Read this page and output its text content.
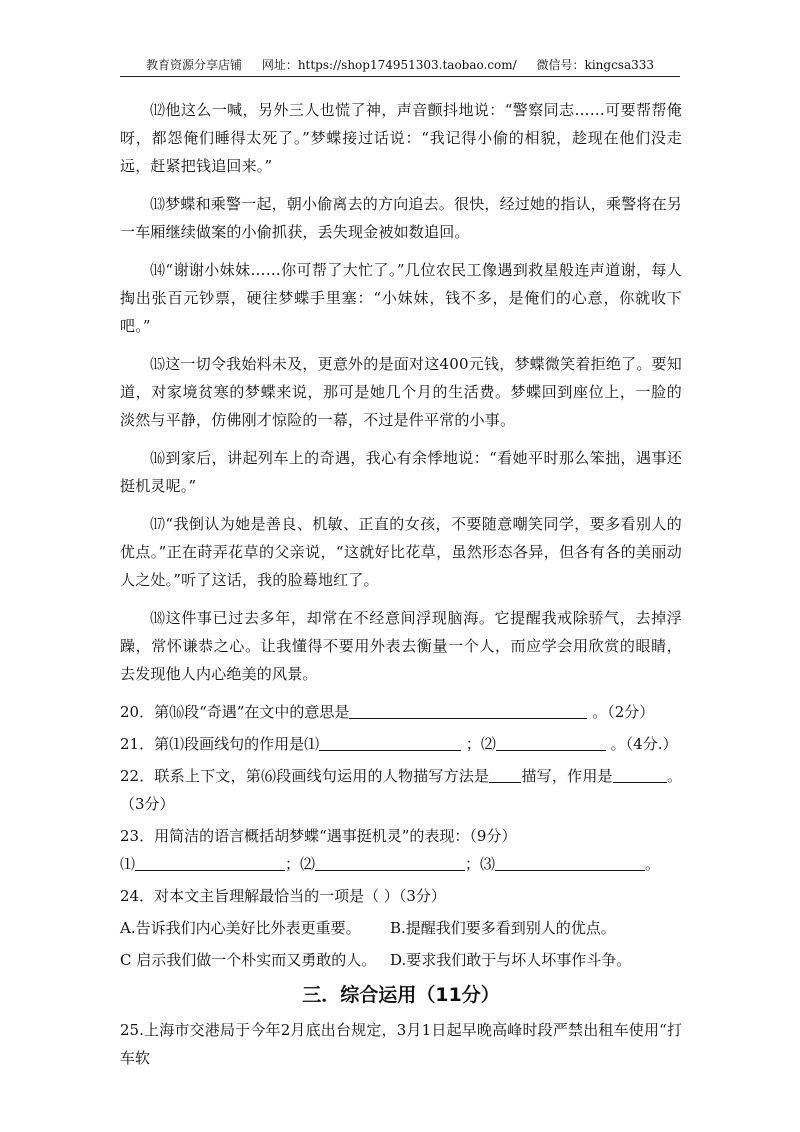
教育资源分享店铺 网址：https://shop174951303.taobao.com/ 微信号：kingcsa333

⑿他这么一喊，另外三人也慌了神，声音颤抖地说：“警察同志……可要帮帮俺呀，都怨俺们睡得太死了。”梦蝶接过话说：“我记得小偷的相貌，趁现在他们没走远，赶紧把钱追回来。”

⒀梦蝶和乘警一起，朝小偷离去的方向追去。很快，经过她的指认，乘警将在另一车厢继续做案的小偷抓获，丢失现金被如数追回。

⒁“谢谢小妹妹……你可帮了大忙了。”几位农民工像遇到救星般连声道谢，每人掏出张百元钞票，硬往梦蝶手里塞：“小妹妹，钱不多，是俺们的心意，你就收下吧。”

⒂这一切令我始料未及，更意外的是面对这400元钱，梦蝶微笑着拒绝了。要知道，对家境贫寒的梦蝶来说，那可是她几个月的生活费。梦蝶回到座位上，一脸的淡然与平静，仿佛刚才惊险的一幕，不过是件平常的小事。

⒃到家后，讲起列车上的奇遇，我心有余悸地说：“看她平时那么笨拙，遇事还挺机灵呢。”

⒄“我倒认为她是善良、机敏、正直的女孩，不要随意嘲笑同学，要多看别人的优点。”正在莳弄花草的父亲说，“这就好比花草，虽然形态各异，但各有各的美丽动人之处。”听了这话，我的脸蓦地红了。

⒅这件事已过去多年，却常在不经意间浮现脑海。它提醒我戒除骄气，去掉浮躁，常怀谦恭之心。让我懂得不要用外表去衡量一个人，而应学会用欣赏的眼睛，去发现他人内心绝美的风景。

20．第⒃段“奇遇”在文中的意思是	。（2分）

21．第⑴段画线句的作用是⑴	；⑵	。（4分.）

22．联系上下文，第⑹段画线句运用的人物描写方法是 描写，作用是	。（3分）

23．用简洁的语言概括胡梦蝶“遇事挺机灵”的表现：（9分）

⑴	；⑵	；⑶	。

24．对本文主旨理解最恰当的一项是（ ）（3分）

A.告诉我们内心美好比外表更重要。	B.提醒我们要多看到别人的优点。
C 启示我们做一个朴实而又勇敢的人。 D.要求我们敢于与坏人坏事作斗争。
三．综合运用（11分）

25.上海市交港局于今年2月底出台规定，3月1日起早晚高峰时段严禁出租车使用“打车软
